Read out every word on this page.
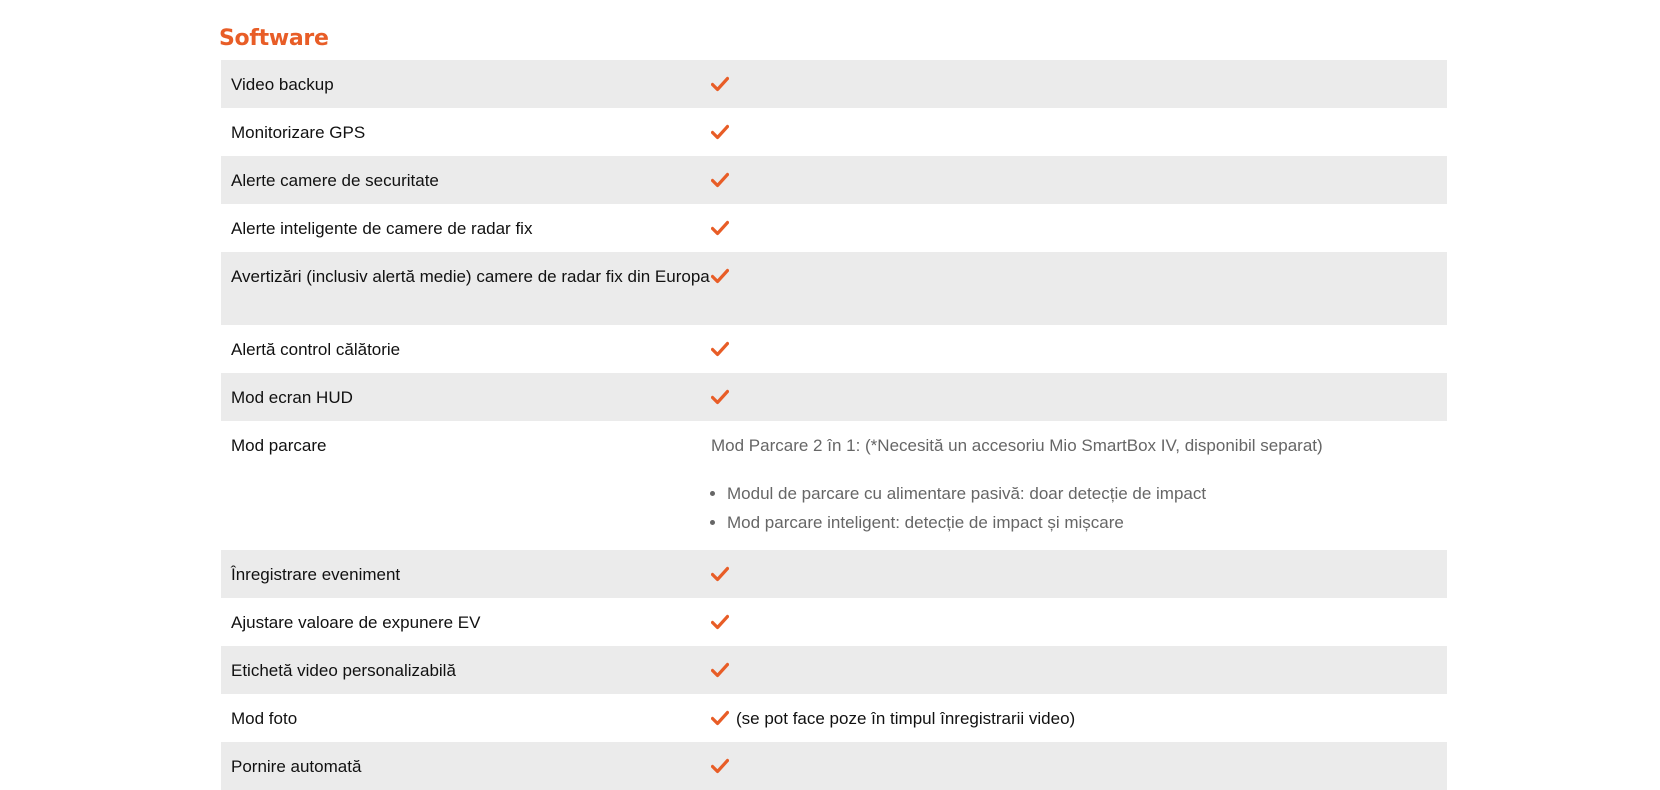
Software
Video backup
Monitorizare GPS
Alerte camere de securitate
Alerte inteligente de camere de radar fix
Avertizări (inclusiv alertă medie) camere de radar fix din Europa
Alertă control călătorie
Mod ecran HUD
Mod parcare	Mod Parcare 2 în 1: (*Necesită un accesoriu Mio SmartBox IV, disponibil separat)
• Modul de parcare cu alimentare pasivă: doar detecție de impact
• Mod parcare inteligent: detecție de impact și mișcare
Înregistrare eveniment
Ajustare valoare de expunere EV
Etichetă video personalizabilă
Mod foto	(se pot face poze în timpul înregistrarii video)
Pornire automată
